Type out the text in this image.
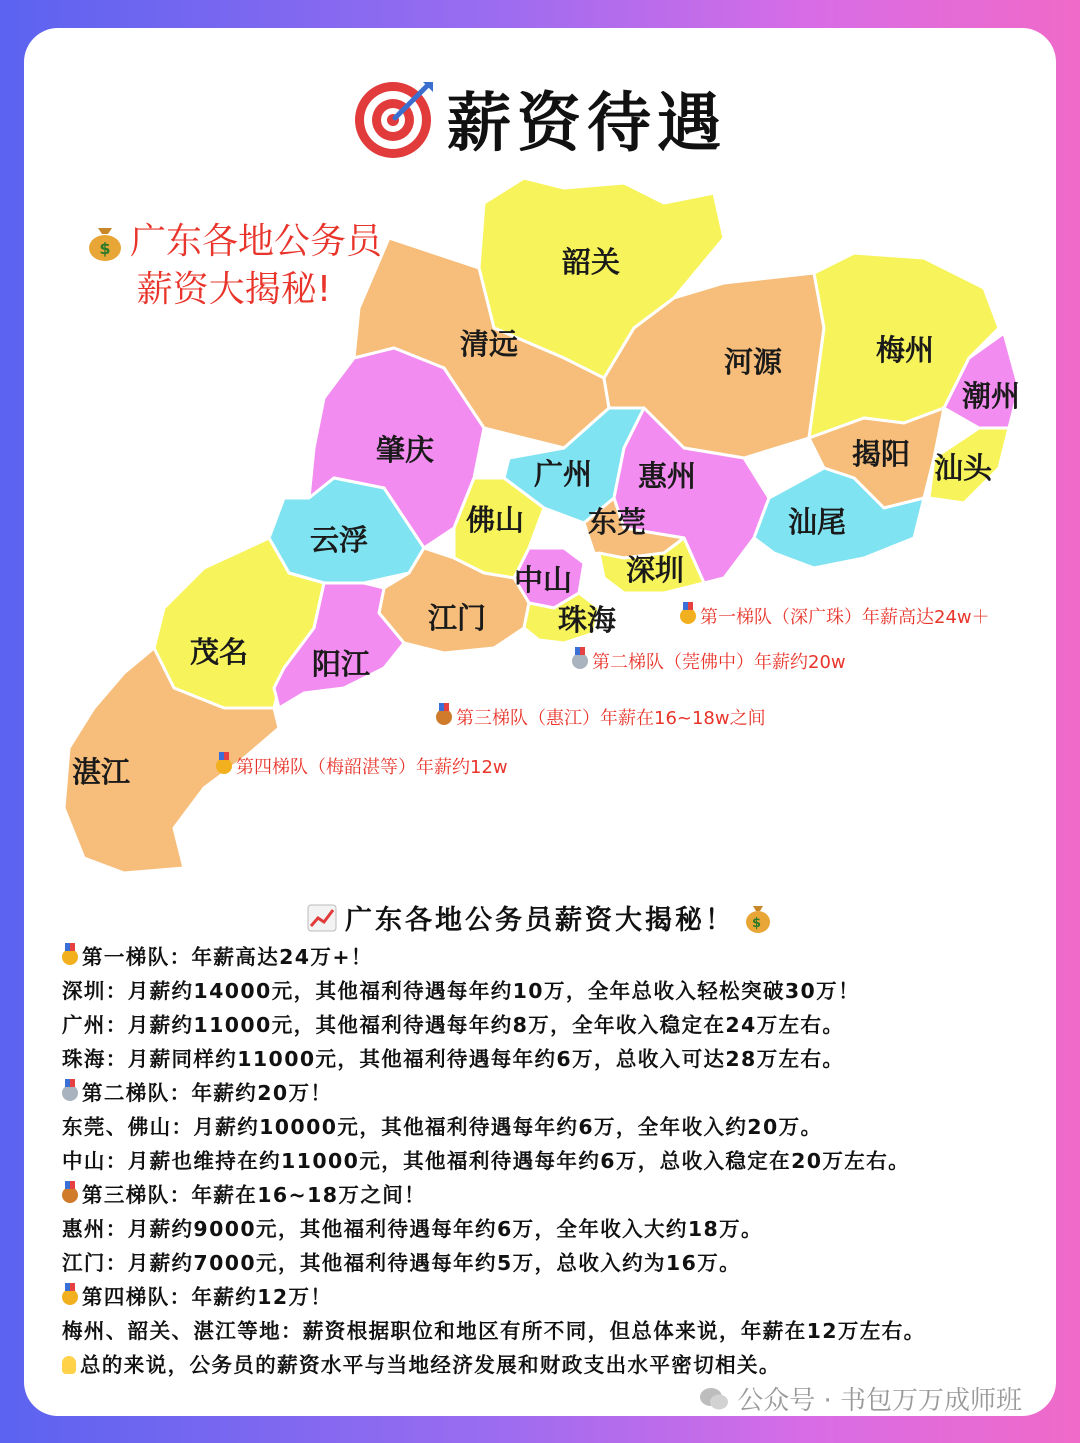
薪资待遇
$ 广东各地公务员
薪资大揭秘!
韶关
清远
河源	梅州
潮州
肇庆
广州 惠州
揭阳 汕头
佛山 东莞	汕尾
云浮
深圳
中山
江门 珠海
茂名 阳江
湛江
第一梯队（深广珠）年薪高达24w＋
第二梯队（莞佛中）年薪约20w
第三梯队（惠江）年薪在16~18w之间
第四梯队（梅韶湛等）年薪约12w
广东各地公务员薪资大揭秘！ $
第一梯队：年薪高达24万+！
深圳：月薪约14000元，其他福利待遇每年约10万，全年总收入轻松突破30万！
广州：月薪约11000元，其他福利待遇每年约8万，全年收入稳定在24万左右。
珠海：月薪同样约11000元，其他福利待遇每年约6万，总收入可达28万左右。
第二梯队：年薪约20万！
东莞、佛山：月薪约10000元，其他福利待遇每年约6万，全年收入约20万。
中山：月薪也维持在约11000元，其他福利待遇每年约6万，总收入稳定在20万左右。
第三梯队：年薪在16~18万之间！
惠州：月薪约9000元，其他福利待遇每年约6万，全年收入大约18万。
江门：月薪约7000元，其他福利待遇每年约5万，总收入约为16万。
第四梯队：年薪约12万！
梅州、韶关、湛江等地：薪资根据职位和地区有所不同，但总体来说，年薪在12万左右。
总的来说，公务员的薪资水平与当地经济发展和财政支出水平密切相关。
公众号 · 书包万万成师班
